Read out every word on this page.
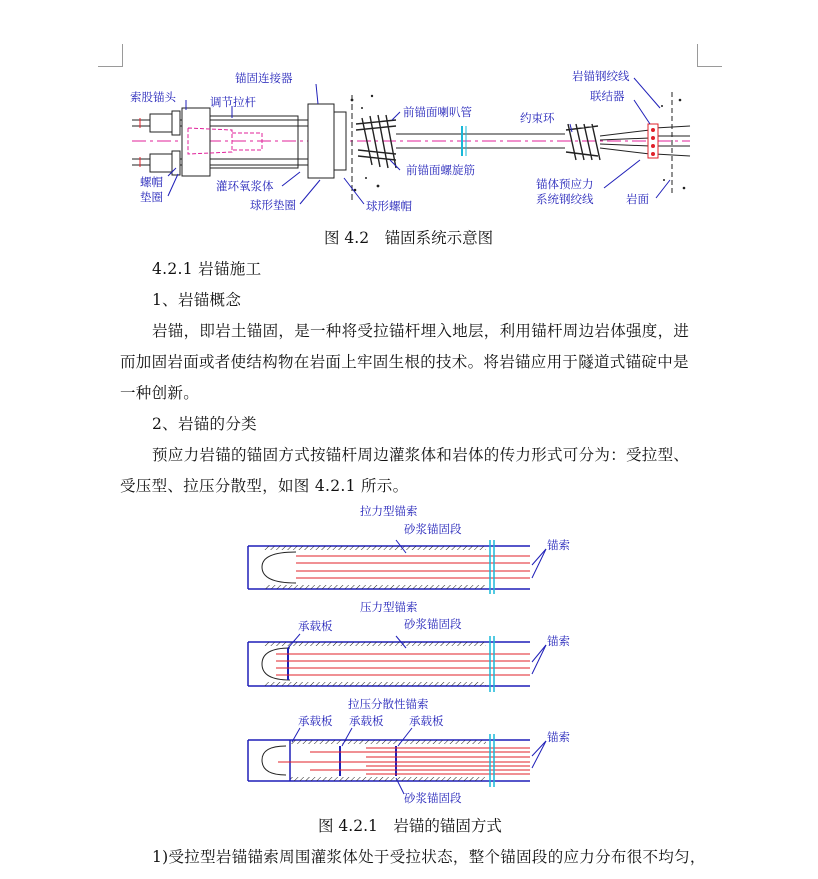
索股锚头	调节拉杆
锚固连接器
前锚面喇叭管	约束环
岩锚钢绞线
联结器
螺帽
垫圈
灌环氧浆体
球形垫圈	球形螺帽
前锚面螺旋筋
锚体预应力
系统钢绞线	岩面
图 4.2　锚固系统示意图
4.2.1 岩锚施工
1、岩锚概念
岩锚，即岩土锚固，是一种将受拉锚杆埋入地层，利用锚杆周边岩体强度，进
而加固岩面或者使结构物在岩面上牢固生根的技术。将岩锚应用于隧道式锚碇中是
一种创新。
2、岩锚的分类
预应力岩锚的锚固方式按锚杆周边灌浆体和岩体的传力形式可分为：受拉型、
受压型、拉压分散型，如图 4.2.1 所示。
拉力型锚索
砂浆锚固段
锚索
压力型锚索
承载板	砂浆锚固段
锚索
拉压分散性锚索
承载板 承载板 承载板
锚索
砂浆锚固段
图 4.2.1　岩锚的锚固方式
1)受拉型岩锚锚索周围灌浆体处于受拉状态，整个锚固段的应力分布很不均匀，
